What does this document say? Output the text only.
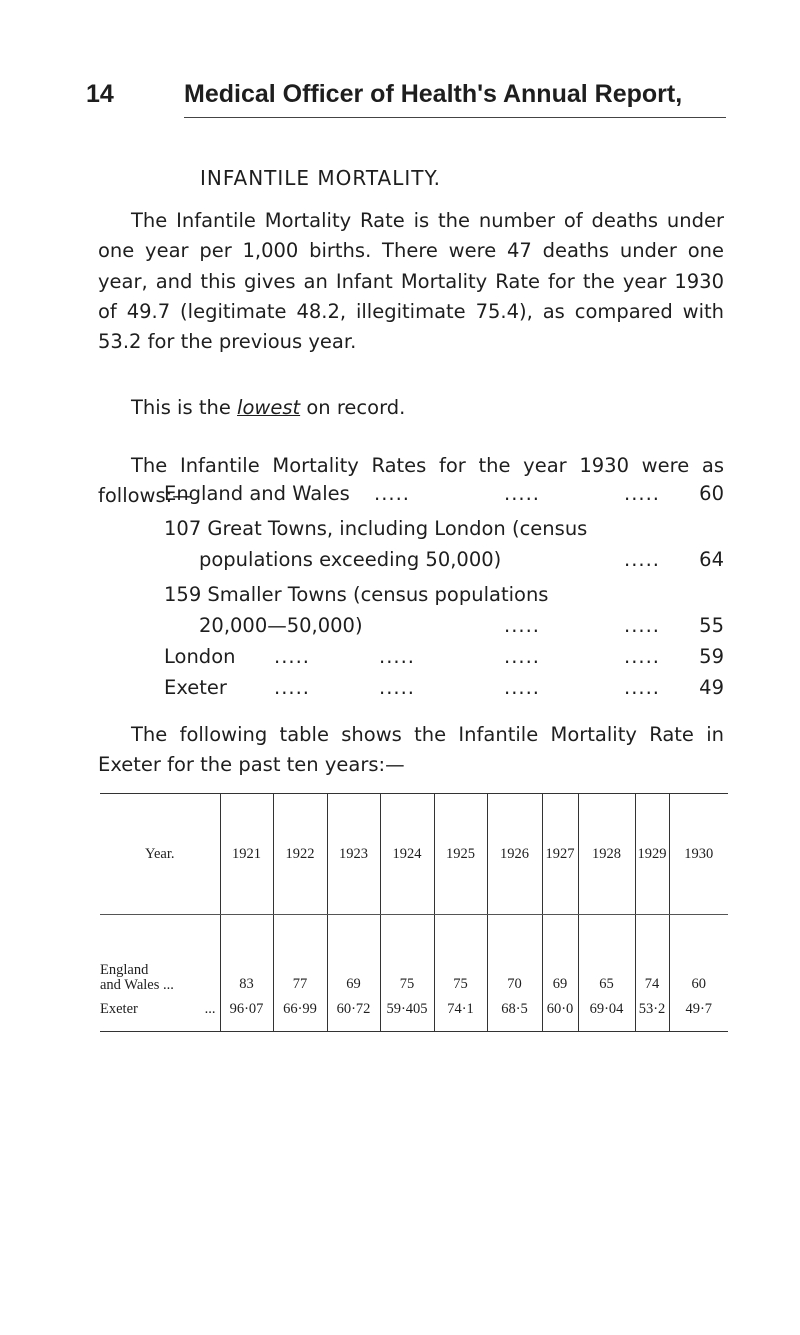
14	Medical Officer of Health's Annual Report,
INFANTILE MORTALITY.
The Infantile Mortality Rate is the number of deaths under one year per 1,000 births. There were 47 deaths under one year, and this gives an Infant Mortality Rate for the year 1930 of 49.7 (legitimate 48.2, illegitimate 75.4), as compared with 53.2 for the previous year.
This is the lowest on record.
The Infantile Mortality Rates for the year 1930 were as follows:—
England and Wales .....	.....	..... 60
107 Great Towns, including London (census
populations exceeding 50,000)	..... 64
159 Smaller Towns (census populations
20,000—50,000)	.....	..... 55
London .....	.....	.....	..... 59
Exeter .....	.....	.....	..... 49
The following table shows the Infantile Mortality Rate in Exeter for the past ten years:—
Year.	1921	1922	1923	1924	1925	1926	1927	1928	1929	1930

England
and Wales ...	83	77	69	75	75	70	69	65	74	60
Exeter ...	96·07	66·99	60·72	59·405	74·1	68·5	60·0	69·04	53·2	49·7
